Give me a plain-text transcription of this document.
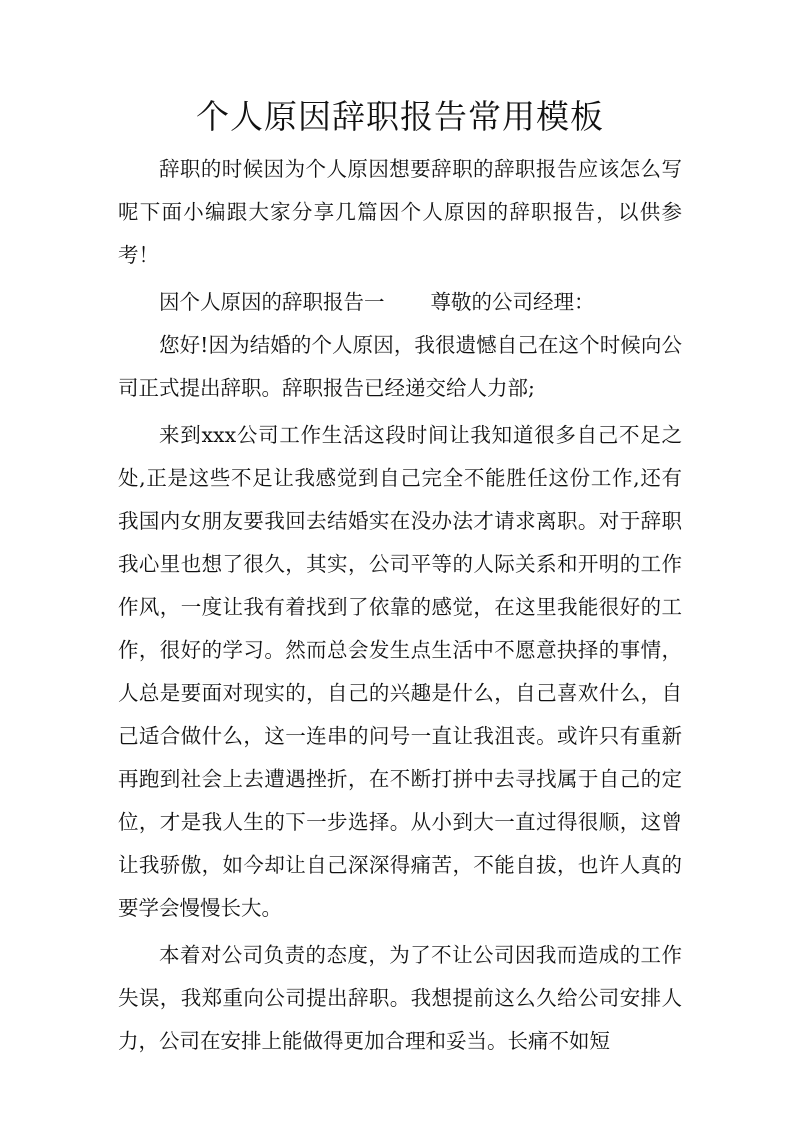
个人原因辞职报告常用模板

辞职的时候因为个人原因想要辞职的辞职报告应该怎么写呢下面小编跟大家分享几篇因个人原因的辞职报告，以供参考！

因个人原因的辞职报告一 尊敬的公司经理：

您好!因为结婚的个人原因，我很遗憾自己在这个时候向公司正式提出辞职。辞职报告已经递交给人力部;

来到xxx公司工作生活这段时间让我知道很多自己不足之处,正是这些不足让我感觉到自己完全不能胜任这份工作,还有我国内女朋友要我回去结婚实在没办法才请求离职。对于辞职我心里也想了很久，其实，公司平等的人际关系和开明的工作作风，一度让我有着找到了依靠的感觉，在这里我能很好的工作，很好的学习。然而总会发生点生活中不愿意抉择的事情，人总是要面对现实的，自己的兴趣是什么，自己喜欢什么，自己适合做什么，这一连串的问号一直让我沮丧。或许只有重新再跑到社会上去遭遇挫折，在不断打拼中去寻找属于自己的定位，才是我人生的下一步选择。从小到大一直过得很顺，这曾让我骄傲，如今却让自己深深得痛苦，不能自拔，也许人真的要学会慢慢长大。

本着对公司负责的态度，为了不让公司因我而造成的工作失误，我郑重向公司提出辞职。我想提前这么久给公司安排人力，公司在安排上能做得更加合理和妥当。长痛不如短
